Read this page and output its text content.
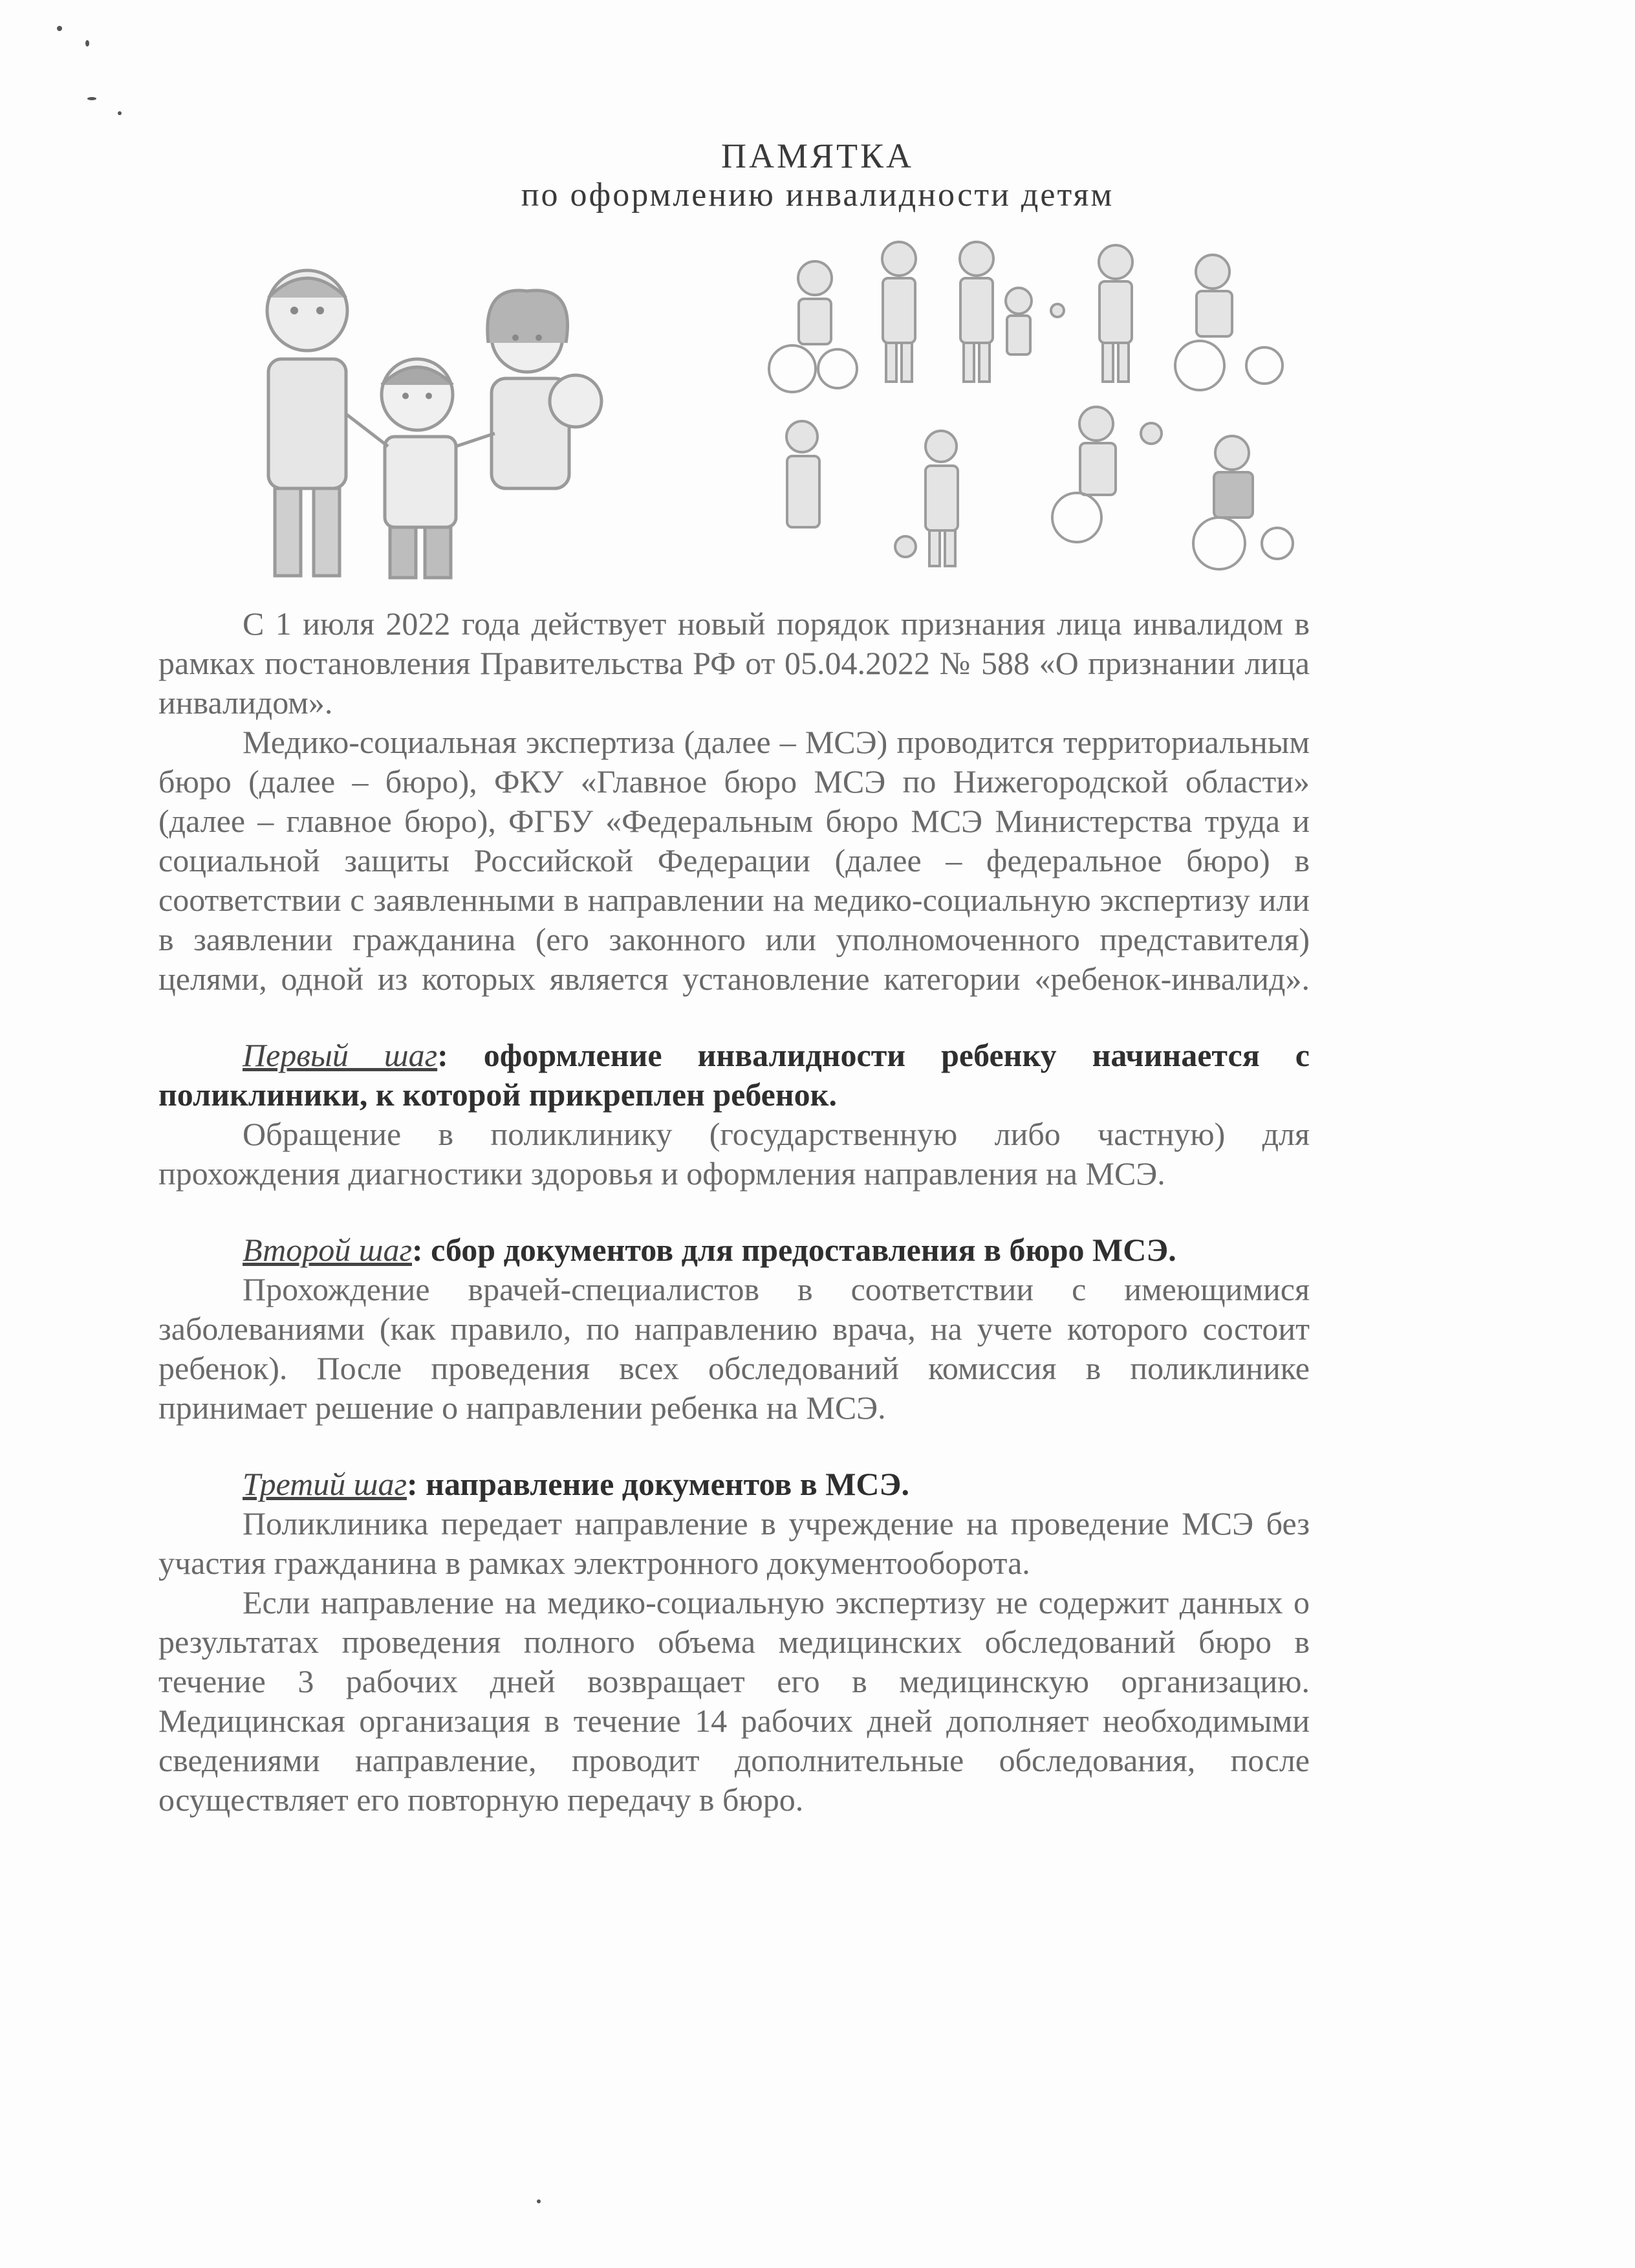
ПАМЯТКА
по оформлению инвалидности детям

С 1 июля 2022 года действует новый порядок признания лица инвалидом в рамках постановления Правительства РФ от 05.04.2022 № 588 «О признании лица инвалидом».

Медико-социальная экспертиза (далее – МСЭ) проводится территориальным бюро (далее – бюро), ФКУ «Главное бюро МСЭ по Нижегородской области» (далее – главное бюро), ФГБУ «Федеральным бюро МСЭ Министерства труда и социальной защиты Российской Федерации (далее – федеральное бюро) в соответствии с заявленными в направлении на медико-социальную экспертизу или в заявлении гражданина (его законного или уполномоченного представителя) целями, одной из которых является установление категории «ребенок-инвалид».

Первый шаг: оформление инвалидности ребенку начинается с поликлиники, к которой прикреплен ребенок.

Обращение в поликлинику (государственную либо частную) для прохождения диагностики здоровья и оформления направления на МСЭ.

Второй шаг: сбор документов для предоставления в бюро МСЭ.

Прохождение врачей-специалистов в соответствии с имеющимися заболеваниями (как правило, по направлению врача, на учете которого состоит ребенок). После проведения всех обследований комиссия в поликлинике принимает решение о направлении ребенка на МСЭ.

Третий шаг: направление документов в МСЭ.

Поликлиника передает направление в учреждение на проведение МСЭ без участия гражданина в рамках электронного документооборота.

Если направление на медико-социальную экспертизу не содержит данных о результатах проведения полного объема медицинских обследований бюро в течение 3 рабочих дней возвращает его в медицинскую организацию. Медицинская организация в течение 14 рабочих дней дополняет необходимыми сведениями направление, проводит дополнительные обследования, после осуществляет его повторную передачу в бюро.
